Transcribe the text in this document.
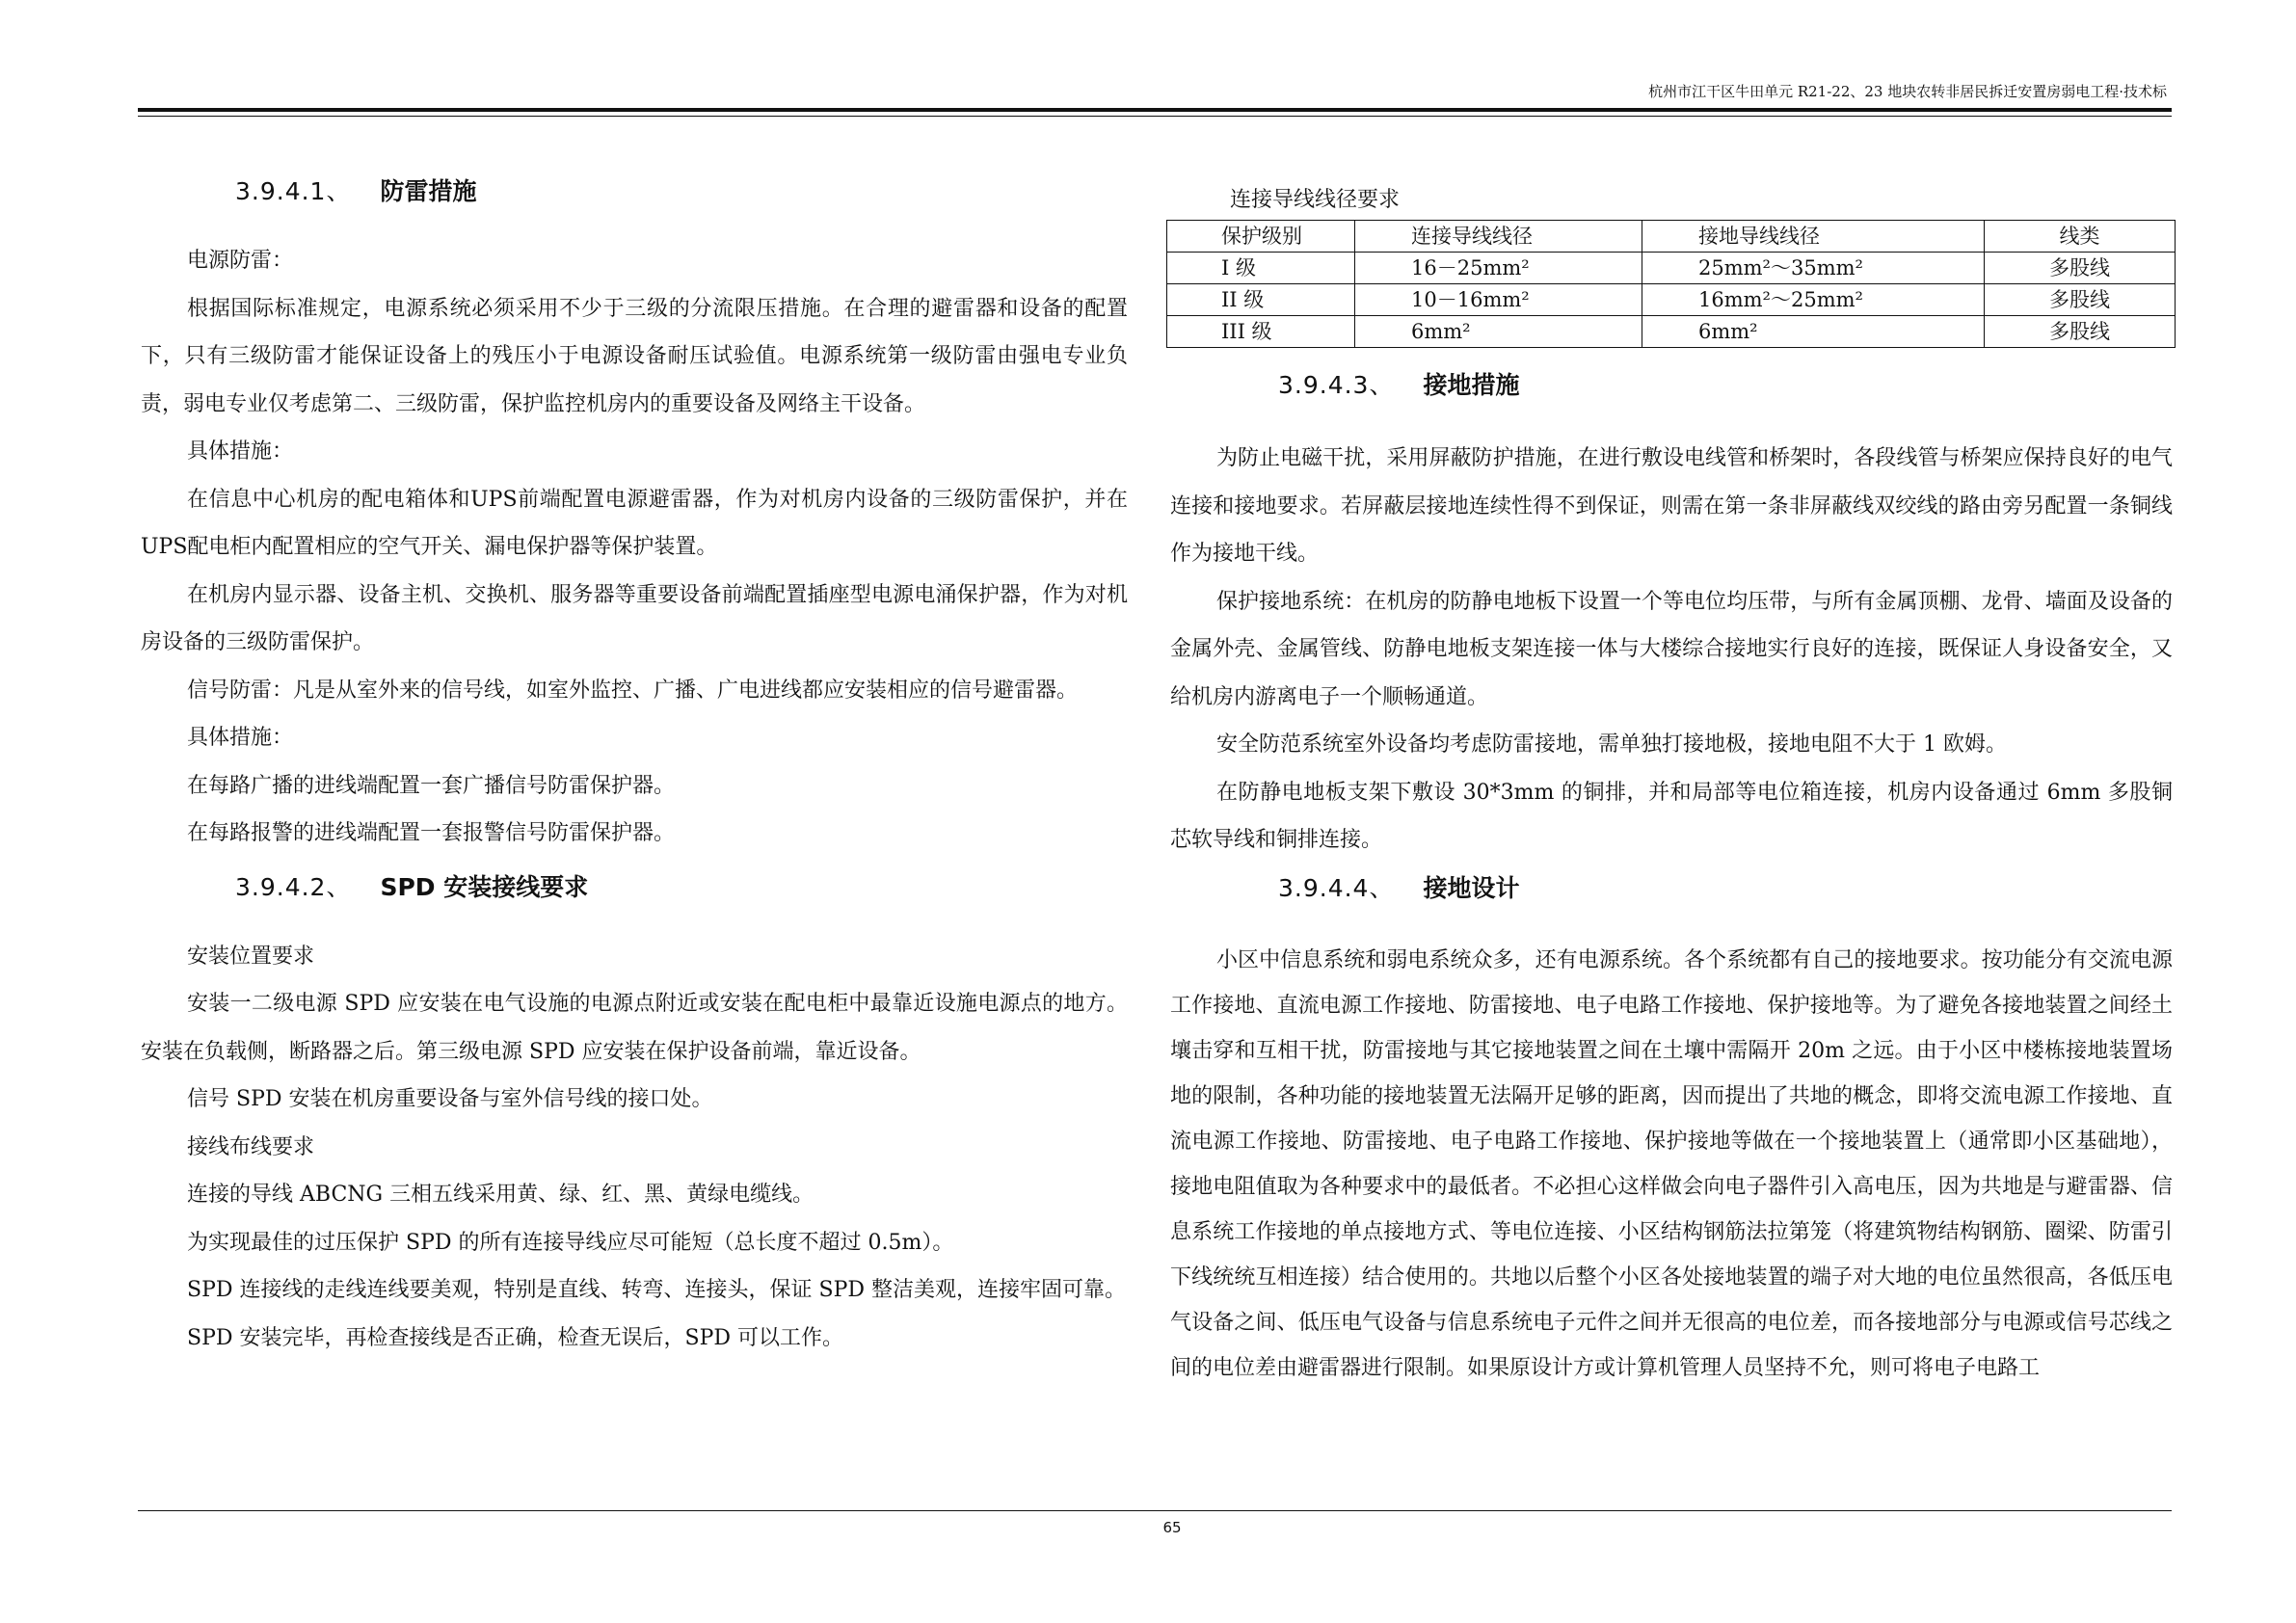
杭州市江干区牛田单元 R21-22、23 地块农转非居民拆迁安置房弱电工程·技术标
3.9.4.1、 防雷措施

电源防雷：

根据国际标准规定，电源系统必须采用不少于三级的分流限压措施。在合理的避雷器和设备的配置下，只有三级防雷才能保证设备上的残压小于电源设备耐压试验值。电源系统第一级防雷由强电专业负责，弱电专业仅考虑第二、三级防雷，保护监控机房内的重要设备及网络主干设备。

具体措施：

在信息中心机房的配电箱体和UPS前端配置电源避雷器，作为对机房内设备的三级防雷保护，并在UPS配电柜内配置相应的空气开关、漏电保护器等保护装置。

在机房内显示器、设备主机、交换机、服务器等重要设备前端配置插座型电源电涌保护器，作为对机房设备的三级防雷保护。

信号防雷：凡是从室外来的信号线，如室外监控、广播、广电进线都应安装相应的信号避雷器。

具体措施：

在每路广播的进线端配置一套广播信号防雷保护器。

在每路报警的进线端配置一套报警信号防雷保护器。

3.9.4.2、 SPD 安装接线要求

安装位置要求

安装一二级电源 SPD 应安装在电气设施的电源点附近或安装在配电柜中最靠近设施电源点的地方。安装在负载侧，断路器之后。第三级电源 SPD 应安装在保护设备前端，靠近设备。

信号 SPD 安装在机房重要设备与室外信号线的接口处。

接线布线要求

连接的导线 ABCNG 三相五线采用黄、绿、红、黑、黄绿电缆线。

为实现最佳的过压保护 SPD 的所有连接导线应尽可能短（总长度不超过 0.5m）。

SPD 连接线的走线连线要美观，特别是直线、转弯、连接头，保证 SPD 整洁美观，连接牢固可靠。

SPD 安装完毕，再检查接线是否正确，检查无误后，SPD 可以工作。

连接导线线径要求
保护级别	连接导线线径	接地导线线径	线类
I 级	16－25mm²	25mm²～35mm²	多股线
II 级	10－16mm²	16mm²～25mm²	多股线
III 级	6mm²	6mm²	多股线
3.9.4.3、 接地措施

为防止电磁干扰，采用屏蔽防护措施，在进行敷设电线管和桥架时，各段线管与桥架应保持良好的电气连接和接地要求。若屏蔽层接地连续性得不到保证，则需在第一条非屏蔽线双绞线的路由旁另配置一条铜线作为接地干线。

保护接地系统：在机房的防静电地板下设置一个等电位均压带，与所有金属顶棚、龙骨、墙面及设备的金属外壳、金属管线、防静电地板支架连接一体与大楼综合接地实行良好的连接，既保证人身设备安全，又给机房内游离电子一个顺畅通道。

安全防范系统室外设备均考虑防雷接地，需单独打接地极，接地电阻不大于 1 欧姆。

在防静电地板支架下敷设 30*3mm 的铜排，并和局部等电位箱连接，机房内设备通过 6mm 多股铜芯软导线和铜排连接。

3.9.4.4、 接地设计

小区中信息系统和弱电系统众多，还有电源系统。各个系统都有自己的接地要求。按功能分有交流电源工作接地、直流电源工作接地、防雷接地、电子电路工作接地、保护接地等。为了避免各接地装置之间经土壤击穿和互相干扰，防雷接地与其它接地装置之间在土壤中需隔开 20m 之远。由于小区中楼栋接地装置场地的限制，各种功能的接地装置无法隔开足够的距离，因而提出了共地的概念，即将交流电源工作接地、直流电源工作接地、防雷接地、电子电路工作接地、保护接地等做在一个接地装置上（通常即小区基础地），接地电阻值取为各种要求中的最低者。不必担心这样做会向电子器件引入高电压，因为共地是与避雷器、信息系统工作接地的单点接地方式、等电位连接、小区结构钢筋法拉第笼（将建筑物结构钢筋、圈梁、防雷引下线统统互相连接）结合使用的。共地以后整个小区各处接地装置的端子对大地的电位虽然很高，各低压电气设备之间、低压电气设备与信息系统电子元件之间并无很高的电位差，而各接地部分与电源或信号芯线之间的电位差由避雷器进行限制。如果原设计方或计算机管理人员坚持不允，则可将电子电路工

65
